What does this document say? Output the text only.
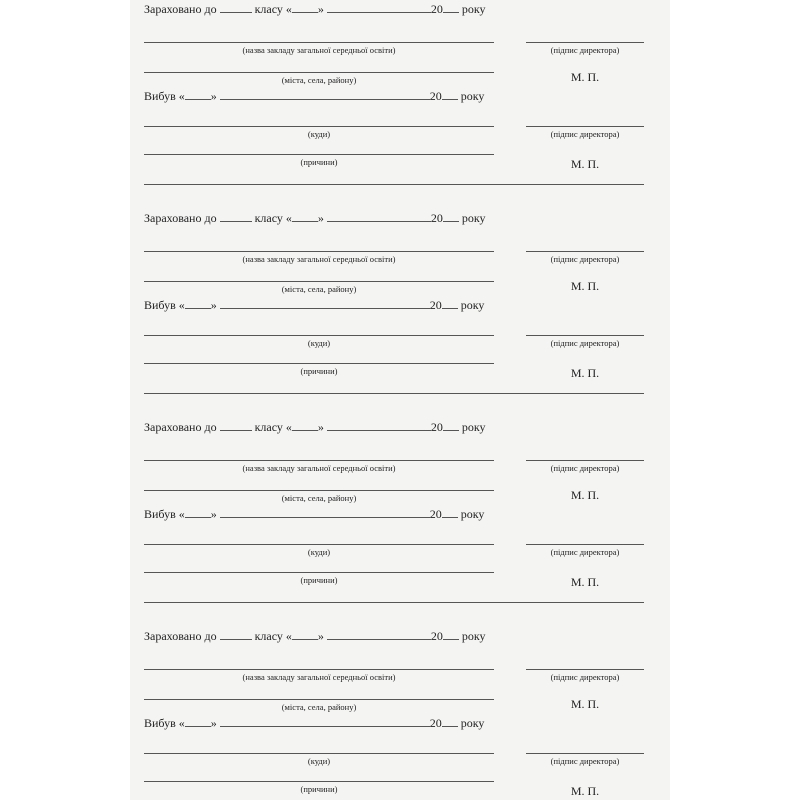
Зараховано до	класу « »	20 року
(назва закладу загальної середньої освіти)	(підпис директора)
(міста, села, району)	М. П.
Вибув « »	20 року
(куди)	(підпис директора)
(причини)	М. П.
Зараховано до	класу « »	20 року
(назва закладу загальної середньої освіти)	(підпис директора)
(міста, села, району)	М. П.
Вибув « »	20 року
(куди)	(підпис директора)
(причини)	М. П.
Зараховано до	класу « »	20 року
(назва закладу загальної середньої освіти)	(підпис директора)
(міста, села, району)	М. П.
Вибув « »	20 року
(куди)	(підпис директора)
(причини)	М. П.
Зараховано до	класу « »	20 року
(назва закладу загальної середньої освіти)	(підпис директора)
(міста, села, району)	М. П.
Вибув « »	20 року
(куди)	(підпис директора)
(причини)	М. П.
